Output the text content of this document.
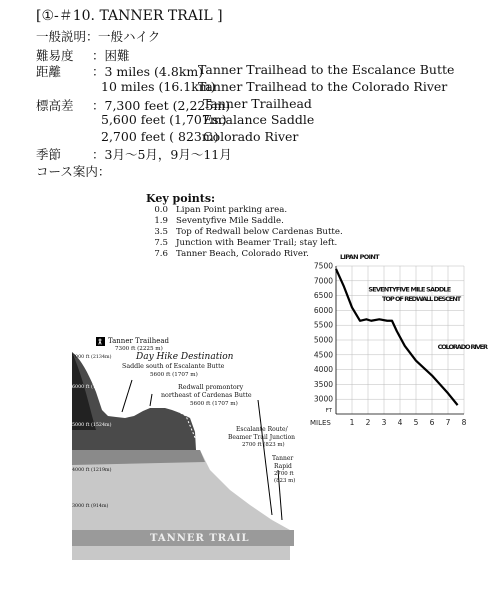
[①-＃10. TANNER TRAIL ]
一般説明： 一般ハイク
難易度 ：困難
距離 ：3 miles (4.8km)
Tanner Trailhead to the Escalance Butte
10 miles (16.1km)
Tanner Trailhead to the Colorado River
標高差 ：7,300 feet (2,225m)
Tanner Trailhead
5,600 feet (1,707m)
Escalance Saddle
2,700 feet ( 823m)
Colorado River
季節 ：3月～5月，9月～11月
コース案内：
Key points:
0.0 Lipan Point parking area.
1.9 Seventyfive Mile Saddle.
3.5 Top of Redwall below Cardenas Butte.
7.5 Junction with Beamer Trail; stay left.
7.6 Tanner Beach, Colorado River.
Tanner Trailhead
7300 ft (2225 m)
Day Hike Destination
Saddle south of Escalante Butte
5600 ft (1707 m)
Redwall promontory
northeast of Cardenas Butte
5600 ft (1707 m)
Escalante Route/
Beamer Trail Junction
2700 ft (823 m)
Tanner
Rapid
2700 ft
(823 m)
7000 ft (2134m)
6000 ft (1829m)
5000 ft (1524m)
4000 ft (1219m)
3000 ft (914m)
TANNER TRAIL
7500
7000
6500
6000
5500
5000
4500
4000
3500
3000
1 2 3 4 5 6 7 8
MILES
FT
LIPAN POINT
SEVENTYFIVE MILE SADDLE
TOP OF REDWALL DESCENT
COLORADO RIVER
